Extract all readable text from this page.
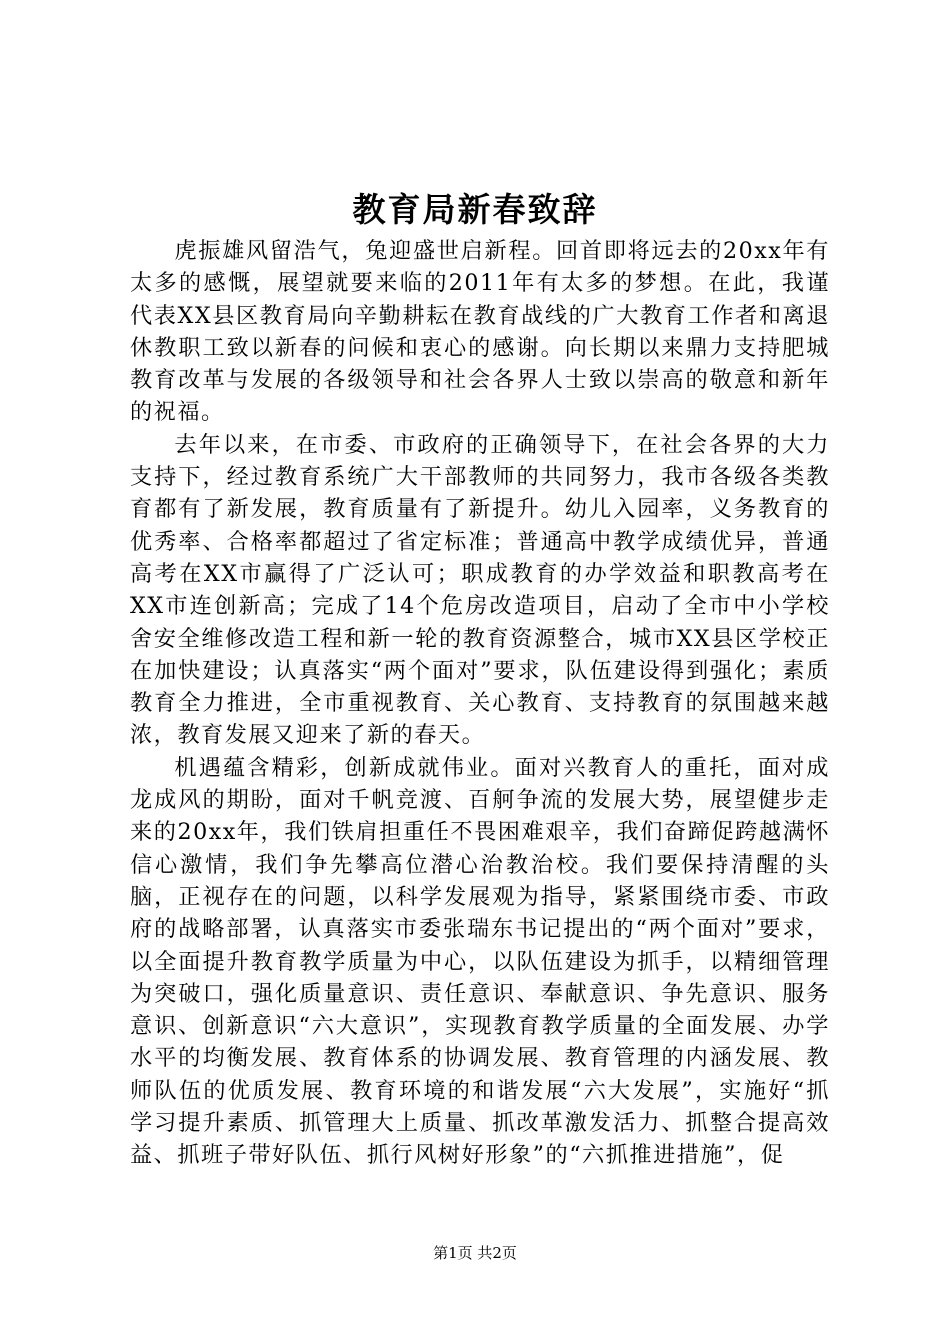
教育局新春致辞

虎振雄风留浩气，兔迎盛世启新程。回首即将远去的20xx年有太多的感慨，展望就要来临的2011年有太多的梦想。在此，我谨代表XX县区教育局向辛勤耕耘在教育战线的广大教育工作者和离退休教职工致以新春的问候和衷心的感谢。向长期以来鼎力支持肥城教育改革与发展的各级领导和社会各界人士致以崇高的敬意和新年的祝福。

去年以来，在市委、市政府的正确领导下，在社会各界的大力支持下，经过教育系统广大干部教师的共同努力，我市各级各类教育都有了新发展，教育质量有了新提升。幼儿入园率，义务教育的优秀率、合格率都超过了省定标准；普通高中教学成绩优异，普通高考在XX市赢得了广泛认可；职成教育的办学效益和职教高考在XX市连创新高；完成了14个危房改造项目，启动了全市中小学校舍安全维修改造工程和新一轮的教育资源整合，城市XX县区学校正在加快建设；认真落实“两个面对”要求，队伍建设得到强化；素质教育全力推进，全市重视教育、关心教育、支持教育的氛围越来越浓，教育发展又迎来了新的春天。

机遇蕴含精彩，创新成就伟业。面对兴教育人的重托，面对成龙成风的期盼，面对千帆竞渡、百舸争流的发展大势，展望健步走来的20xx年，我们铁肩担重任不畏困难艰辛，我们奋蹄促跨越满怀信心激情，我们争先攀高位潜心治教治校。我们要保持清醒的头脑，正视存在的问题，以科学发展观为指导，紧紧围绕市委、市政府的战略部署，认真落实市委张瑞东书记提出的“两个面对”要求，以全面提升教育教学质量为中心，以队伍建设为抓手，以精细管理为突破口，强化质量意识、责任意识、奉献意识、争先意识、服务意识、创新意识“六大意识”，实现教育教学质量的全面发展、办学水平的均衡发展、教育体系的协调发展、教育管理的内涵发展、教师队伍的优质发展、教育环境的和谐发展“六大发展”，实施好“抓学习提升素质、抓管理大上质量、抓改革激发活力、抓整合提高效益、抓班子带好队伍、抓行风树好形象”的“六抓推进措施”，促

第1页 共2页
